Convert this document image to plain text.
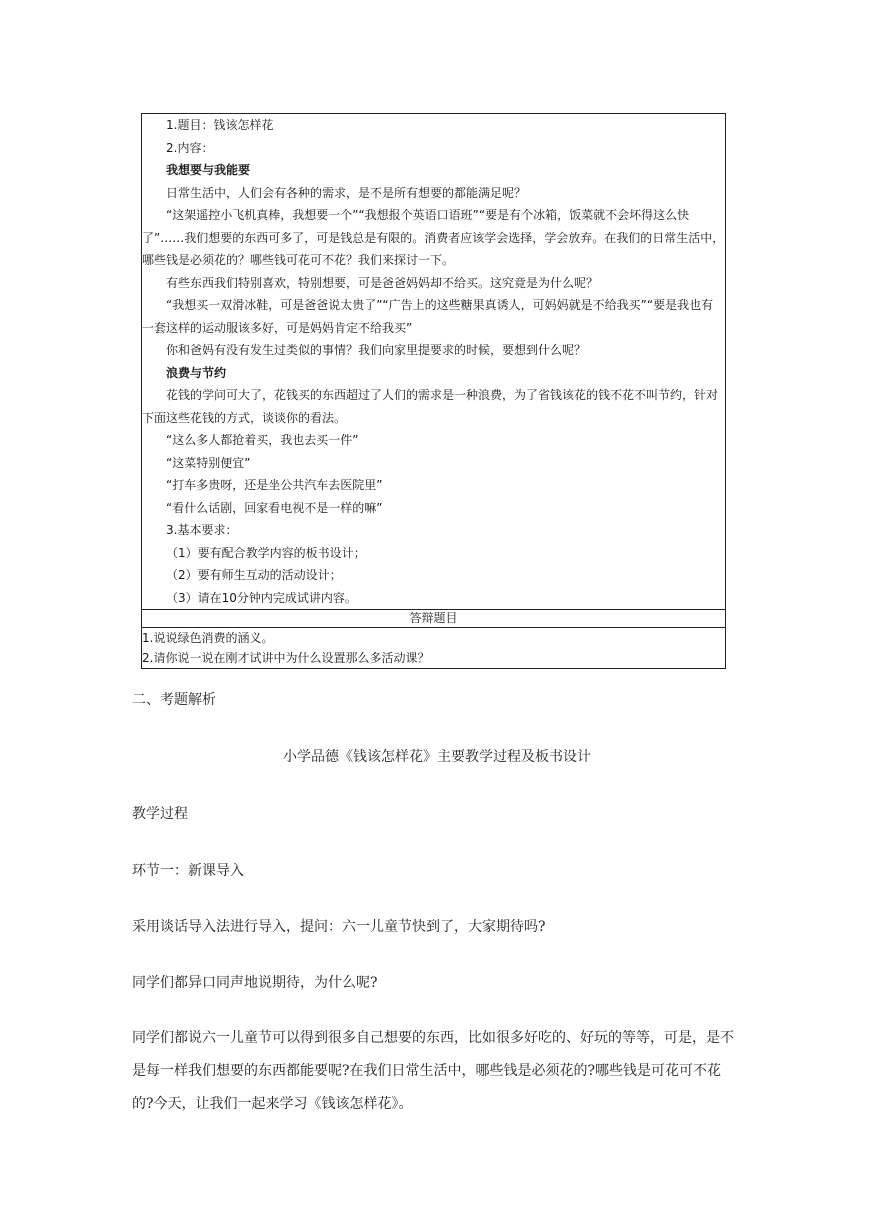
1.题目：钱该怎样花

2.内容：

我想要与我能要

日常生活中，人们会有各种的需求，是不是所有想要的都能满足呢？

“这架遥控小飞机真棒，我想要一个”“我想报个英语口语班”“要是有个冰箱，饭菜就不会坏得这么快了”……我们想要的东西可多了，可是钱总是有限的。消费者应该学会选择，学会放弃。在我们的日常生活中，哪些钱是必须花的？哪些钱可花可不花？我们来探讨一下。

有些东西我们特别喜欢，特别想要，可是爸爸妈妈却不给买。这究竟是为什么呢？

“我想买一双滑冰鞋，可是爸爸说太贵了”“广告上的这些糖果真诱人，可妈妈就是不给我买”“要是我也有一套这样的运动服该多好，可是妈妈肯定不给我买”

你和爸妈有没有发生过类似的事情？我们向家里提要求的时候，要想到什么呢？

浪费与节约

花钱的学问可大了，花钱买的东西超过了人们的需求是一种浪费，为了省钱该花的钱不花不叫节约，针对下面这些花钱的方式，谈谈你的看法。

“这么多人都抢着买，我也去买一件”

“这菜特别便宜”

“打车多贵呀，还是坐公共汽车去医院里”

“看什么话剧，回家看电视不是一样的嘛”

3.基本要求：

（1）要有配合教学内容的板书设计；

（2）要有师生互动的活动设计；

（3）请在10分钟内完成试讲内容。

答辩题目

1.说说绿色消费的涵义。

2.请你说一说在刚才试讲中为什么设置那么多活动课？

二、考题解析

小学品德《钱该怎样花》主要教学过程及板书设计

教学过程

环节一：新课导入

采用谈话导入法进行导入，提问：六一儿童节快到了，大家期待吗?

同学们都异口同声地说期待，为什么呢?

同学们都说六一儿童节可以得到很多自己想要的东西，比如很多好吃的、好玩的等等，可是，是不是每一样我们想要的东西都能要呢?在我们日常生活中，哪些钱是必须花的?哪些钱是可花可不花的?今天，让我们一起来学习《钱该怎样花》。
